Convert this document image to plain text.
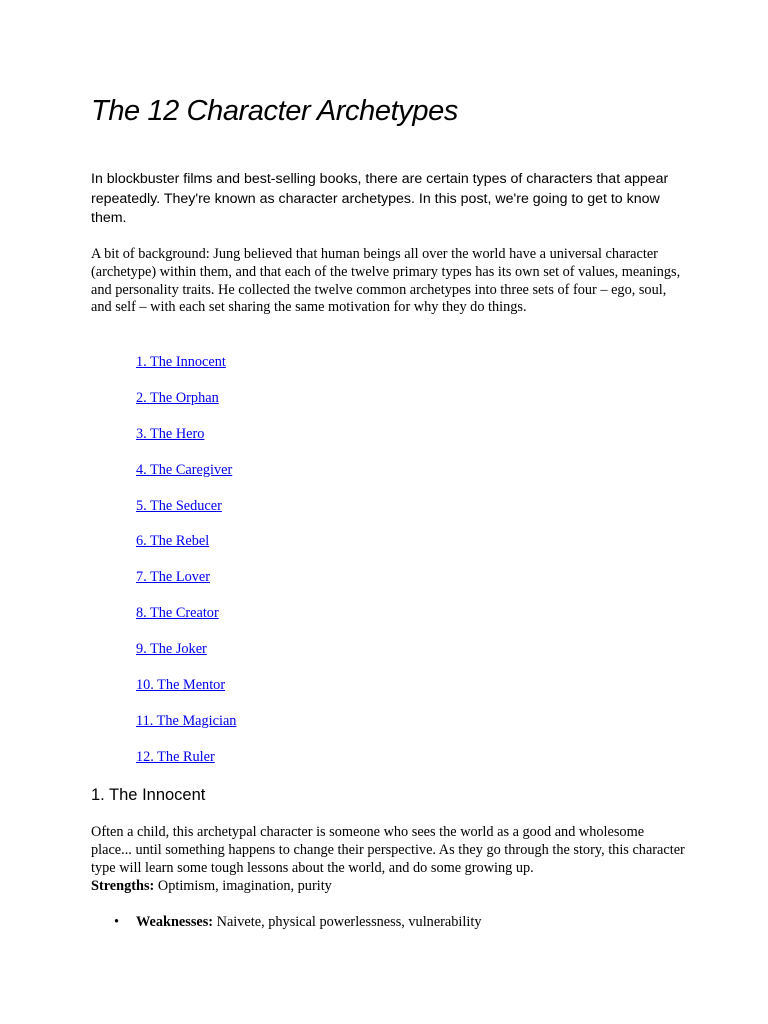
The 12 Character Archetypes

In blockbuster films and best-selling books, there are certain types of characters that appear repeatedly. They're known as character archetypes. In this post, we're going to get to know them.

A bit of background: Jung believed that human beings all over the world have a universal character (archetype) within them, and that each of the twelve primary types has its own set of values, meanings, and personality traits. He collected the twelve common archetypes into three sets of four – ego, soul, and self – with each set sharing the same motivation for why they do things.

1. The Innocent
2. The Orphan
3. The Hero
4. The Caregiver
5. The Seducer
6. The Rebel
7. The Lover
8. The Creator
9. The Joker
10. The Mentor
11. The Magician
12. The Ruler
1. The Innocent

Often a child, this archetypal character is someone who sees the world as a good and wholesome place... until something happens to change their perspective. As they go through the story, this character type will learn some tough lessons about the world, and do some growing up.
Strengths: Optimism, imagination, purity

• Weaknesses: Naivete, physical powerlessness, vulnerability
